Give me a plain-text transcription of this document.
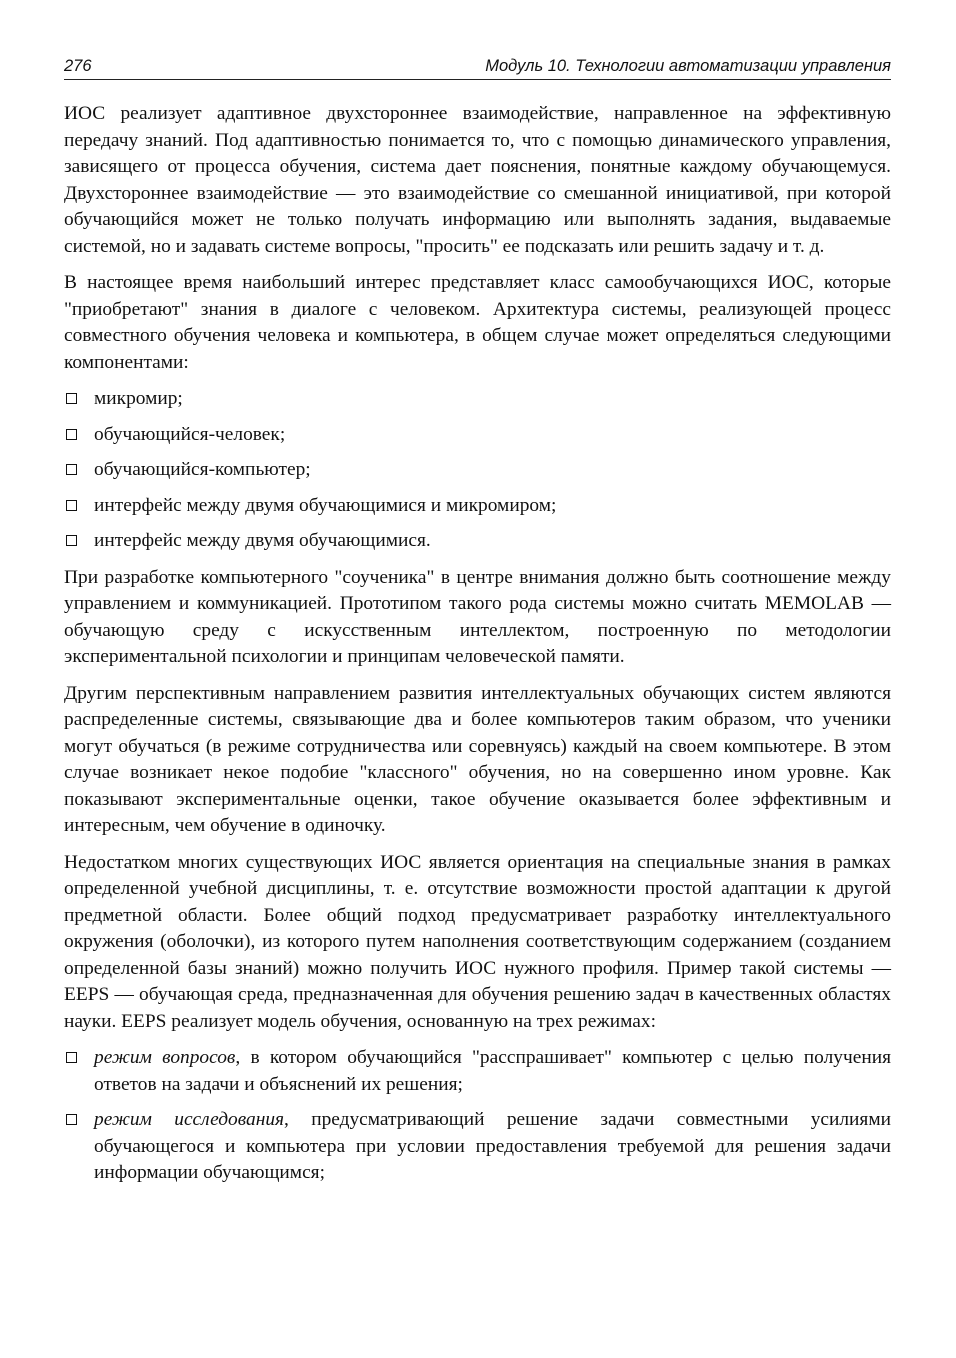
276	Модуль 10. Технологии автоматизации управления

ИОС реализует адаптивное двухстороннее взаимодействие, направленное на эффективную передачу знаний. Под адаптивностью понимается то, что с помощью динамического управления, зависящего от процесса обучения, система дает пояснения, понятные каждому обучающемуся. Двухстороннее взаимодействие — это взаимодействие со смешанной инициативой, при которой обучающийся может не только получать информацию или выполнять задания, выдаваемые системой, но и задавать системе вопросы, "просить" ее подсказать или решить задачу и т. д.

В настоящее время наибольший интерес представляет класс самообучающихся ИОС, которые "приобретают" знания в диалоге с человеком. Архитектура системы, реализующей процесс совместного обучения человека и компьютера, в общем случае может определяться следующими компонентами:

микромир;
обучающийся-человек;
обучающийся-компьютер;
интерфейс между двумя обучающимися и микромиром;
интерфейс между двумя обучающимися.

При разработке компьютерного "соученика" в центре внимания должно быть соотношение между управлением и коммуникацией. Прототипом такого рода системы можно считать MEMOLAB — обучающую среду с искусственным интеллектом, построенную по методологии экспериментальной психологии и принципам человеческой памяти.

Другим перспективным направлением развития интеллектуальных обучающих систем являются распределенные системы, связывающие два и более компьютеров таким образом, что ученики могут обучаться (в режиме сотрудничества или соревнуясь) каждый на своем компьютере. В этом случае возникает некое подобие "классного" обучения, но на совершенно ином уровне. Как показывают экспериментальные оценки, такое обучение оказывается более эффективным и интересным, чем обучение в одиночку.

Недостатком многих существующих ИОС является ориентация на специальные знания в рамках определенной учебной дисциплины, т. е. отсутствие возможности простой адаптации к другой предметной области. Более общий подход предусматривает разработку интеллектуального окружения (оболочки), из которого путем наполнения соответствующим содержанием (созданием определенной базы знаний) можно получить ИОС нужного профиля. Пример такой системы — EEPS — обучающая среда, предназначенная для обучения решению задач в качественных областях науки. EEPS реализует модель обучения, основанную на трех режимах:

режим вопросов, в котором обучающийся "расспрашивает" компьютер с целью получения ответов на задачи и объяснений их решения;
режим исследования, предусматривающий решение задачи совместными усилиями обучающегося и компьютера при условии предоставления требуемой для решения задачи информации обучающимся;
